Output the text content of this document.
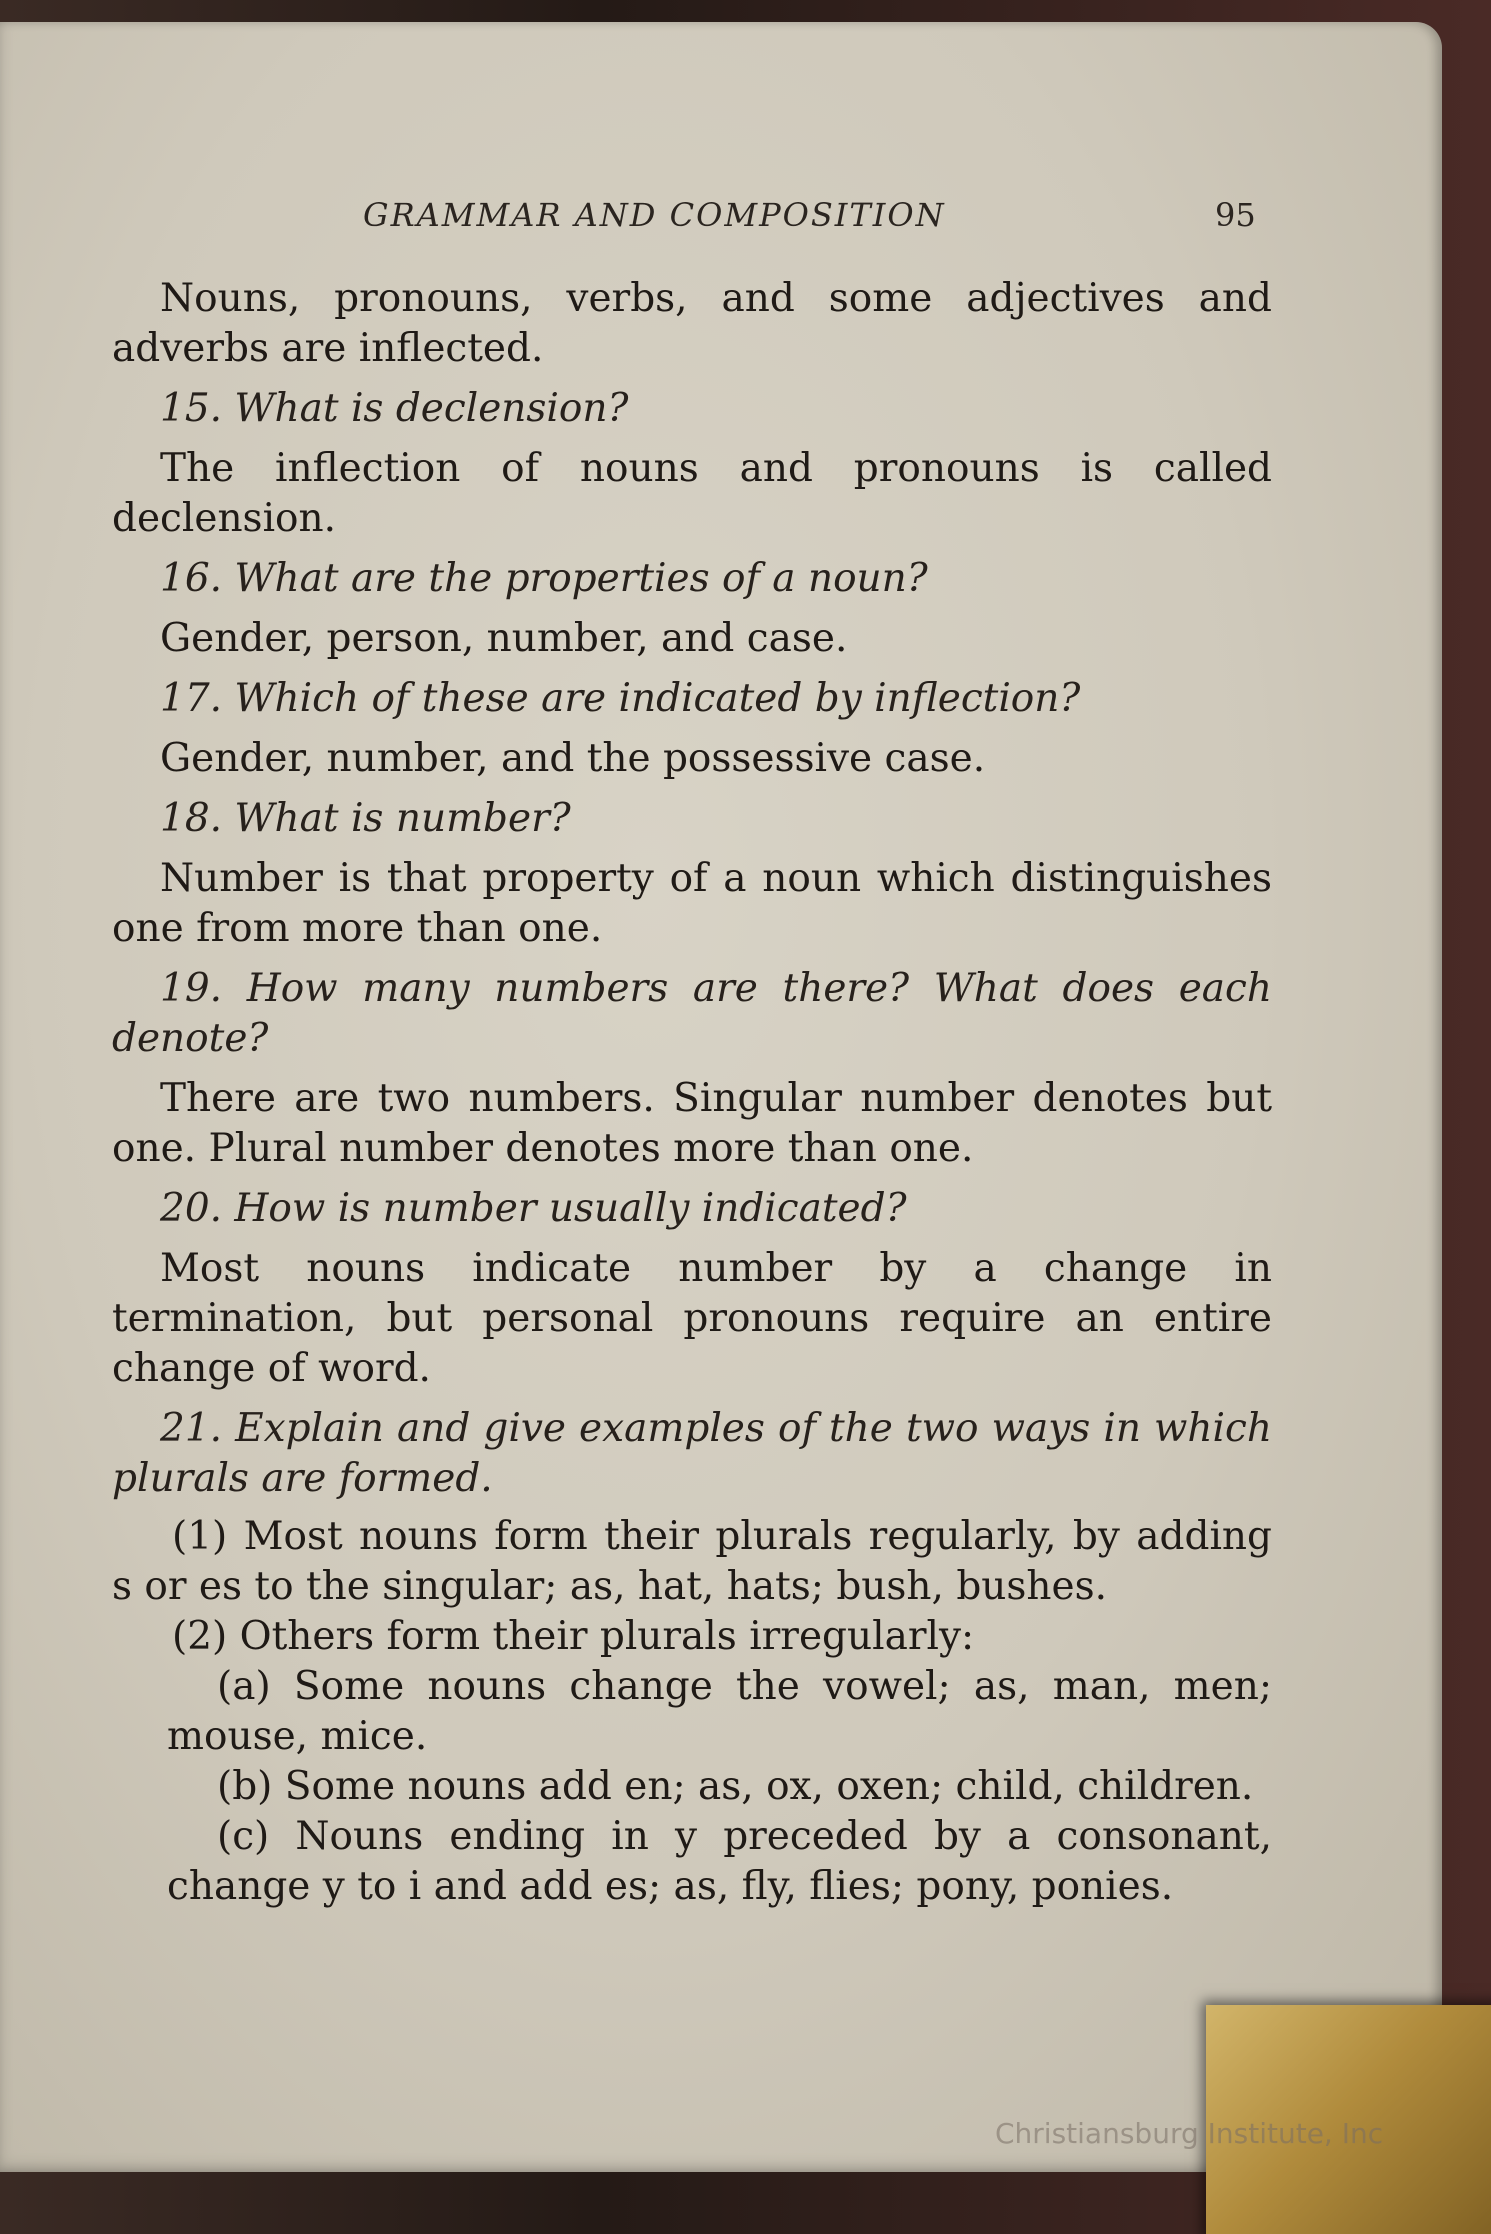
GRAMMAR AND COMPOSITION	95

Nouns, pronouns, verbs, and some adjectives and adverbs are inflected.

15. What is declension?

The inflection of nouns and pronouns is called declension.

16. What are the properties of a noun?

Gender, person, number, and case.

17. Which of these are indicated by inflection?

Gender, number, and the possessive case.

18. What is number?

Number is that property of a noun which distinguishes one from more than one.

19. How many numbers are there? What does each denote?

There are two numbers. Singular number denotes but one. Plural number denotes more than one.

20. How is number usually indicated?

Most nouns indicate number by a change in termination, but personal pronouns require an entire change of word.

21. Explain and give examples of the two ways in which plurals are formed.

(1) Most nouns form their plurals regularly, by adding s or es to the singular; as, hat, hats; bush, bushes.

(2) Others form their plurals irregularly:

(a) Some nouns change the vowel; as, man, men; mouse, mice.

(b) Some nouns add en; as, ox, oxen; child, children.

(c) Nouns ending in y preceded by a consonant, change y to i and add es; as, fly, flies; pony, ponies.

Christiansburg Institute, Inc
